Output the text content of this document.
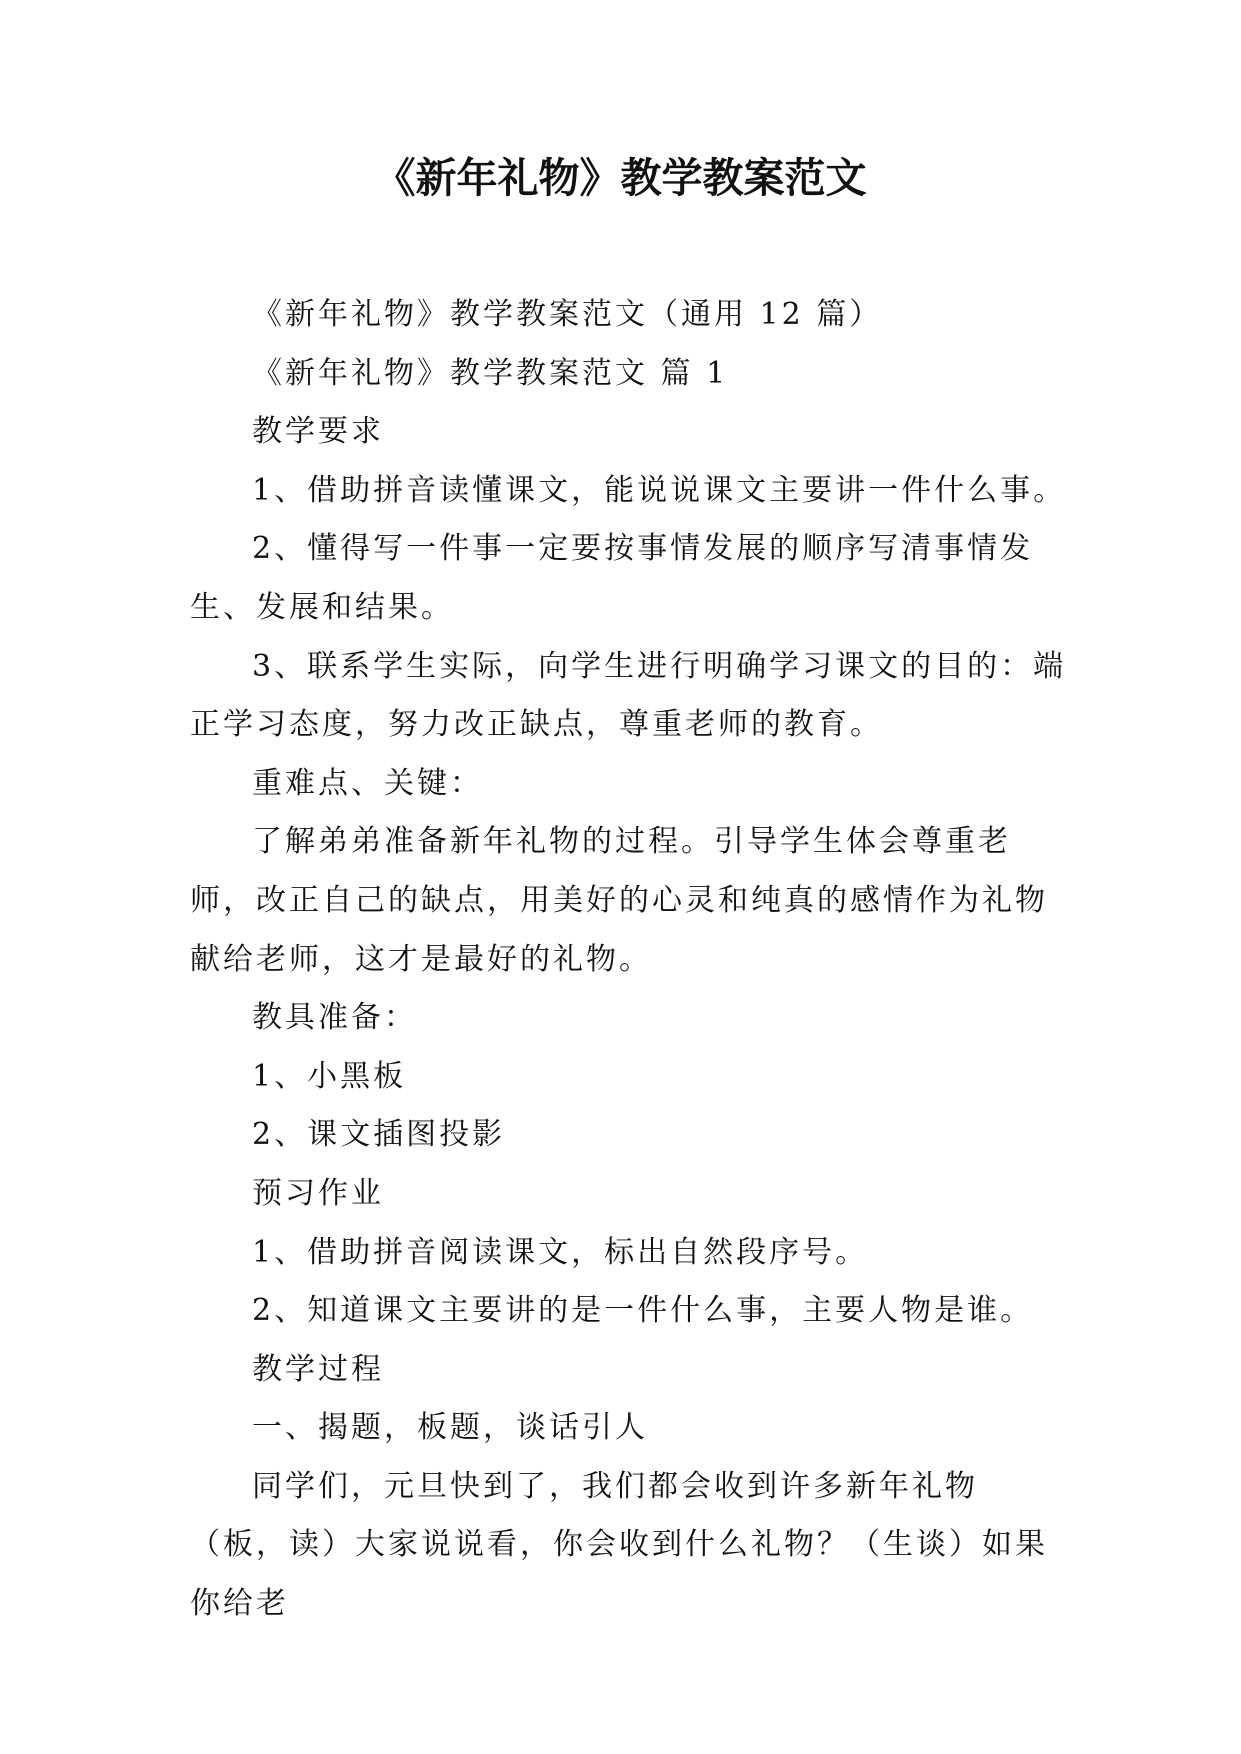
《新年礼物》教学教案范文

《新年礼物》教学教案范文（通用 12 篇）

《新年礼物》教学教案范文 篇 1

教学要求

1、借助拼音读懂课文，能说说课文主要讲一件什么事。

2、懂得写一件事一定要按事情发展的顺序写清事情发生、发展和结果。

3、联系学生实际，向学生进行明确学习课文的目的：端正学习态度，努力改正缺点，尊重老师的教育。

重难点、关键：

了解弟弟准备新年礼物的过程。引导学生体会尊重老师，改正自己的缺点，用美好的心灵和纯真的感情作为礼物献给老师，这才是最好的礼物。

教具准备：

1、小黑板

2、课文插图投影

预习作业

1、借助拼音阅读课文，标出自然段序号。

2、知道课文主要讲的是一件什么事，主要人物是谁。

教学过程

一、揭题，板题，谈话引人

同学们，元旦快到了，我们都会收到许多新年礼物（板，读）大家说说看，你会收到什么礼物？（生谈）如果你给老
